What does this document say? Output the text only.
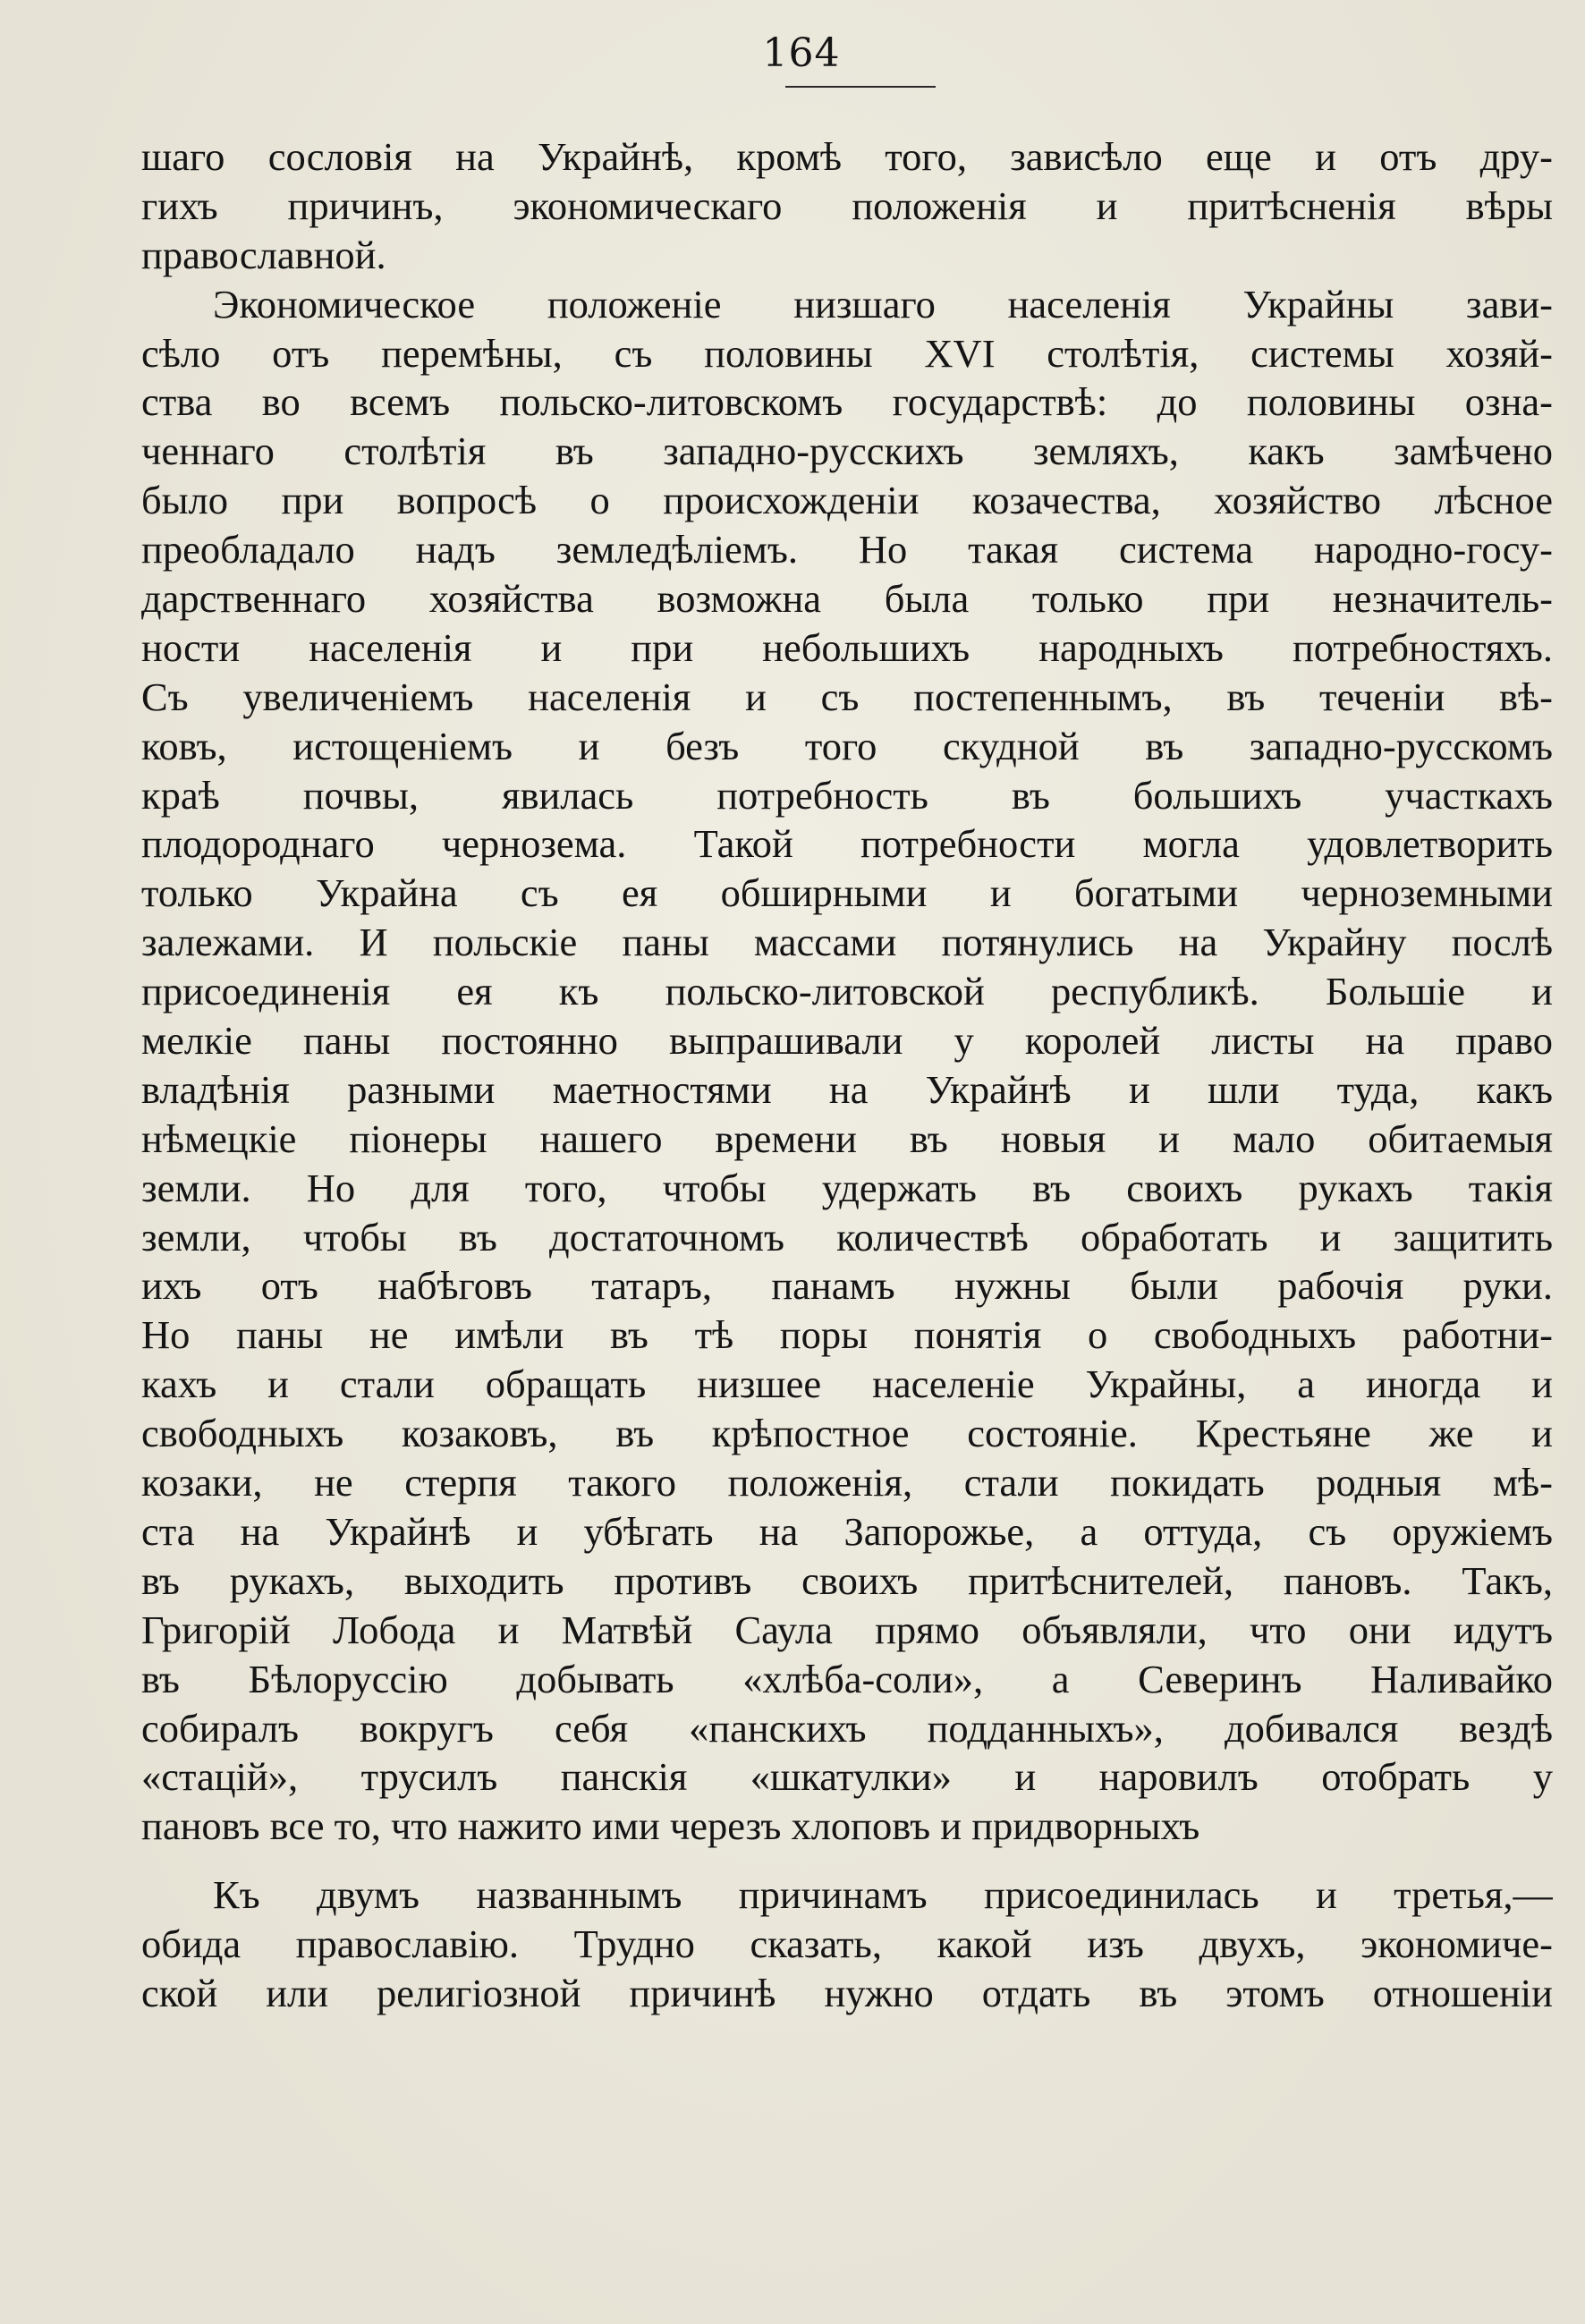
164
шаго сословія на Украйнѣ, кромѣ того, зависѣло еще и отъ дру-
гихъ причинъ, экономическаго положенія и притѣсненія вѣры
православной.
Экономическое положеніе низшаго населенія Украйны зави-
сѣло отъ перемѣны, съ половины XVI столѣтія, системы хозяй-
ства во всемъ польско-литовскомъ государствѣ: до половины озна-
ченнаго столѣтія въ западно-русскихъ земляхъ, какъ замѣчено
было при вопросѣ о происхожденіи козачества, хозяйство лѣсное
преобладало надъ земледѣліемъ. Но такая система народно-госу-
дарственнаго хозяйства возможна была только при незначитель-
ности населенія и при небольшихъ народныхъ потребностяхъ.
Съ увеличеніемъ населенія и съ постепеннымъ, въ теченіи вѣ-
ковъ, истощеніемъ и безъ того скудной въ западно-русскомъ
краѣ почвы, явилась потребность въ большихъ участкахъ
плодороднаго чернозема. Такой потребности могла удовлетворить
только Украйна съ ея обширными и богатыми черноземными
залежами. И польскіе паны массами потянулись на Украйну послѣ
присоединенія ея къ польско-литовской республикѣ. Большіе и
мелкіе паны постоянно выпрашивали у королей листы на право
владѣнія разными маетностями на Украйнѣ и шли туда, какъ
нѣмецкіе піонеры нашего времени въ новыя и мало обитаемыя
земли. Но для того, чтобы удержать въ своихъ рукахъ такія
земли, чтобы въ достаточномъ количествѣ обработать и защитить
ихъ отъ набѣговъ татаръ, панамъ нужны были рабочія руки.
Но паны не имѣли въ тѣ поры понятія о свободныхъ работни-
кахъ и стали обращать низшее населеніе Украйны, а иногда и
свободныхъ козаковъ, въ крѣпостное состояніе. Крестьяне же и
козаки, не стерпя такого положенія, стали покидать родныя мѣ-
ста на Украйнѣ и убѣгать на Запорожье, а оттуда, съ оружіемъ
въ рукахъ, выходить противъ своихъ притѣснителей, пановъ. Такъ,
Григорій Лобода и Матвѣй Саула прямо объявляли, что они идутъ
въ Бѣлоруссію добывать «хлѣба-соли», а Северинъ Наливайко
собиралъ вокругъ себя «панскихъ подданныхъ», добивался вездѣ
«стацій», трусилъ панскія «шкатулки» и наровилъ отобрать у
пановъ все то, что нажито ими черезъ хлоповъ и придворныхъ
Къ двумъ названнымъ причинамъ присоединилась и третья,—
обида православію. Трудно сказать, какой изъ двухъ, экономиче-
ской или религіозной причинѣ нужно отдать въ этомъ отношеніи
